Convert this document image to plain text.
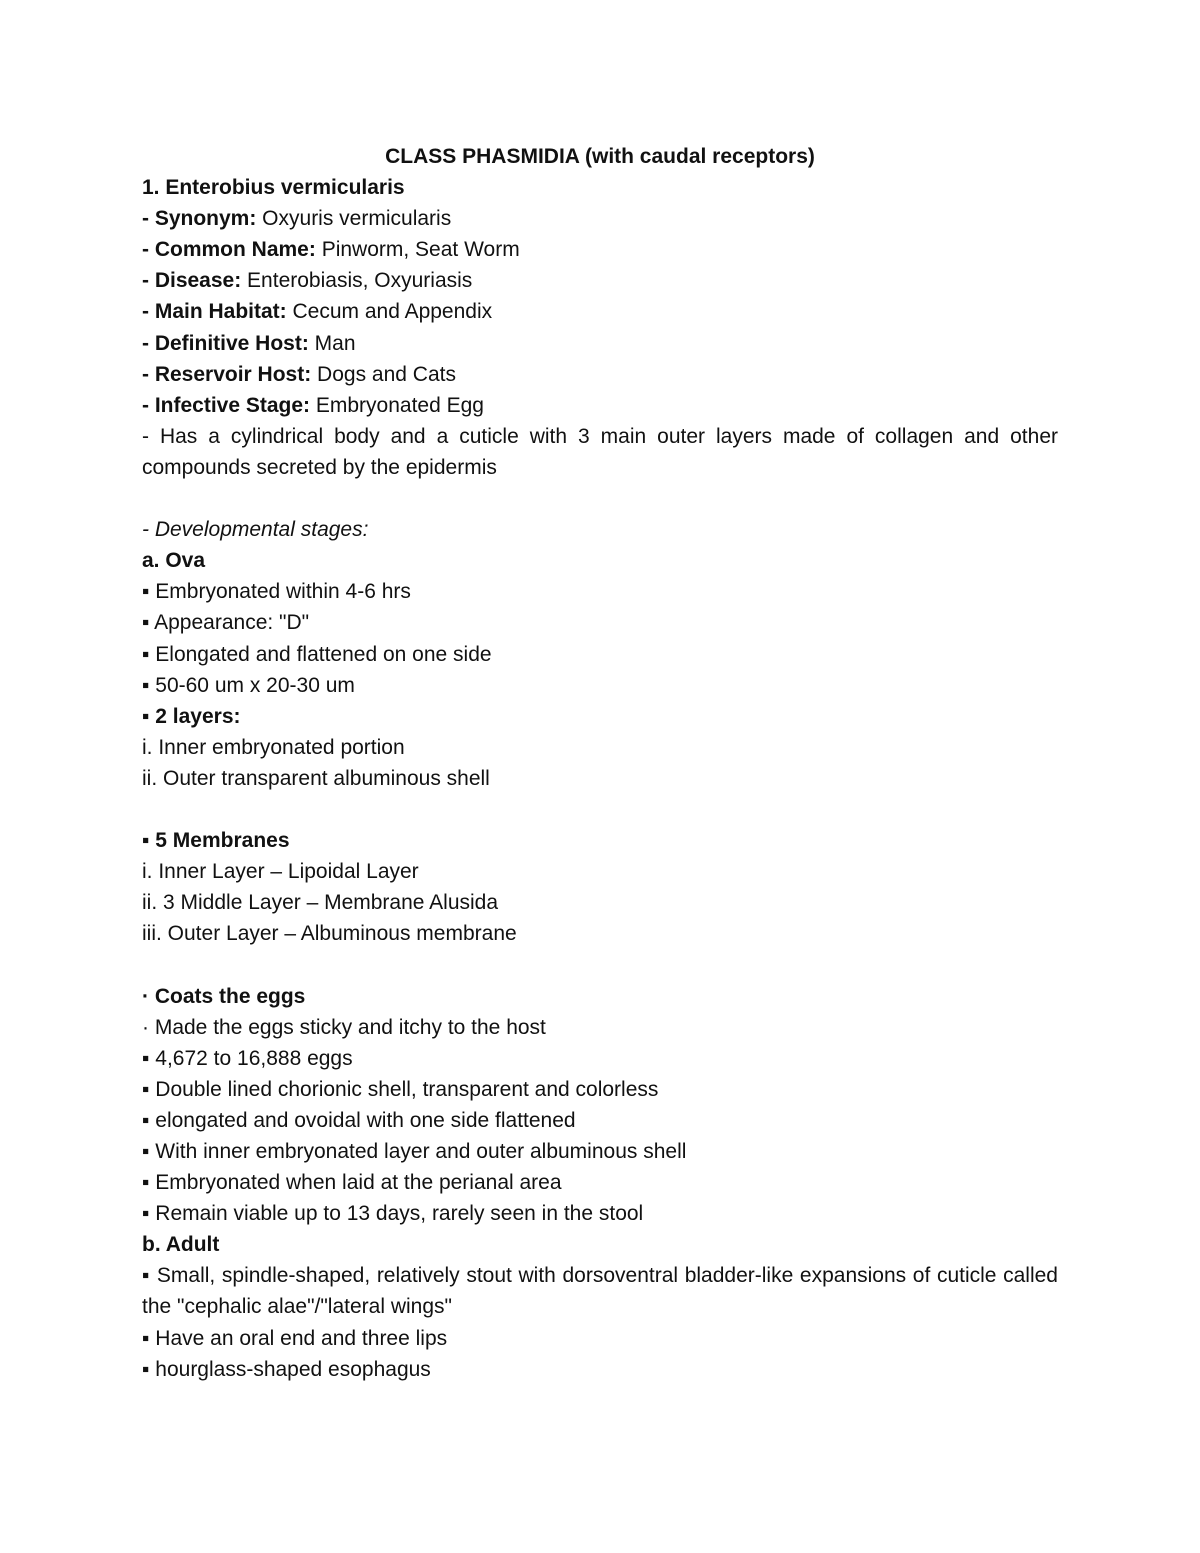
CLASS PHASMIDIA (with caudal receptors)
1. Enterobius vermicularis
- Synonym: Oxyuris vermicularis
- Common Name: Pinworm, Seat Worm
- Disease: Enterobiasis, Oxyuriasis
- Main Habitat: Cecum and Appendix
- Definitive Host: Man
- Reservoir Host: Dogs and Cats
- Infective Stage: Embryonated Egg
- Has a cylindrical body and a cuticle with 3 main outer layers made of collagen and other compounds secreted by the epidermis
- Developmental stages:
a. Ova
▪ Embryonated within 4-6 hrs
▪ Appearance: "D"
▪ Elongated and flattened on one side
▪ 50-60 um x 20-30 um
▪ 2 layers:
i. Inner embryonated portion
ii. Outer transparent albuminous shell
▪ 5 Membranes
i. Inner Layer – Lipoidal Layer
ii. 3 Middle Layer – Membrane Alusida
iii. Outer Layer – Albuminous membrane
· Coats the eggs
· Made the eggs sticky and itchy to the host
▪ 4,672 to 16,888 eggs
▪ Double lined chorionic shell, transparent and colorless
▪ elongated and ovoidal with one side flattened
▪ With inner embryonated layer and outer albuminous shell
▪ Embryonated when laid at the perianal area
▪ Remain viable up to 13 days, rarely seen in the stool
b. Adult
▪ Small, spindle-shaped, relatively stout with dorsoventral bladder-like expansions of cuticle called the "cephalic alae"/"lateral wings"
▪ Have an oral end and three lips
▪ hourglass-shaped esophagus
